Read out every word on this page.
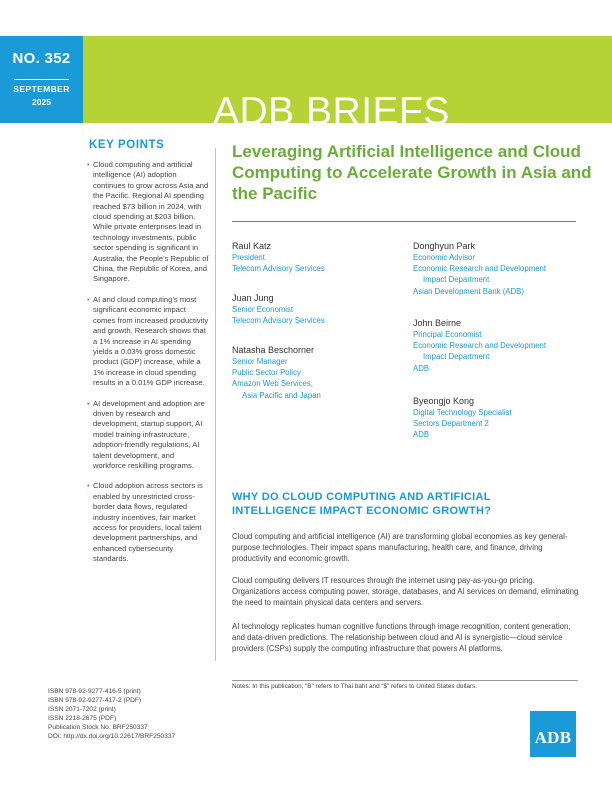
ADB BRIEFS
NO. 352
SEPTEMBER
2025
KEY POINTS
• Cloud computing and artificial intelligence (AI) adoption continues to grow across Asia and the Pacific. Regional AI spending reached $73 billion in 2024, with cloud spending at $203 billion. While private enterprises lead in technology investments, public sector spending is significant in Australia, the People’s Republic of China, the Republic of Korea, and Singapore.
• AI and cloud computing’s most significant economic impact comes from increased productivity and growth. Research shows that a 1% increase in AI spending yields a 0.03% gross domestic product (GDP) increase, while a 1% increase in cloud spending results in a 0.01% GDP increase.
• AI development and adoption are driven by research and development, startup support, AI model training infrastructure, adoption-friendly regulations, AI talent development, and workforce reskilling programs.
• Cloud adoption across sectors is enabled by unrestricted cross-border data flows, regulated industry incentives, fair market access for providers, local talent development partnerships, and enhanced cybersecurity standards.
Leveraging Artificial Intelligence and Cloud Computing to Accelerate Growth in Asia and the Pacific
Raul Katz
President
Telecom Advisory Services
Juan Jung
Senior Economist
Telecom Advisory Services
Natasha Beschorner
Senior Manager
Public Sector Policy
Amazon Web Services,
Asia Pacific and Japan
Donghyun Park
Economic Advisor
Economic Research and Development
Impact Department
Asian Development Bank (ADB)
John Beirne
Principal Economist
Economic Research and Development
Impact Department
ADB
Byeongjo Kong
Digital Technology Specialist
Sectors Department 2
ADB
WHY DO CLOUD COMPUTING AND ARTIFICIAL INTELLIGENCE IMPACT ECONOMIC GROWTH?

Cloud computing and artificial intelligence (AI) are transforming global economies as key general-purpose technologies. Their impact spans manufacturing, health care, and finance, driving productivity and economic growth.

Cloud computing delivers IT resources through the internet using pay-as-you-go pricing. Organizations access computing power, storage, databases, and AI services on demand, eliminating the need to maintain physical data centers and servers.

AI technology replicates human cognitive functions through image recognition, content generation, and data-driven predictions. The relationship between cloud and AI is synergistic—cloud service providers (CSPs) supply the computing infrastructure that powers AI platforms.

Notes: In this publication, “B” refers to Thai baht and “$” refers to United States dollars.

ISBN 978-92-9277-416-5 (print)
ISBN 978-92-9277-417-2 (PDF)
ISSN 2071-7202 (print)
ISSN 2218-2675 (PDF)
Publication Stock No. BRF250337
DOI: http://dx.doi.org/10.22617/BRF250337	ADB
